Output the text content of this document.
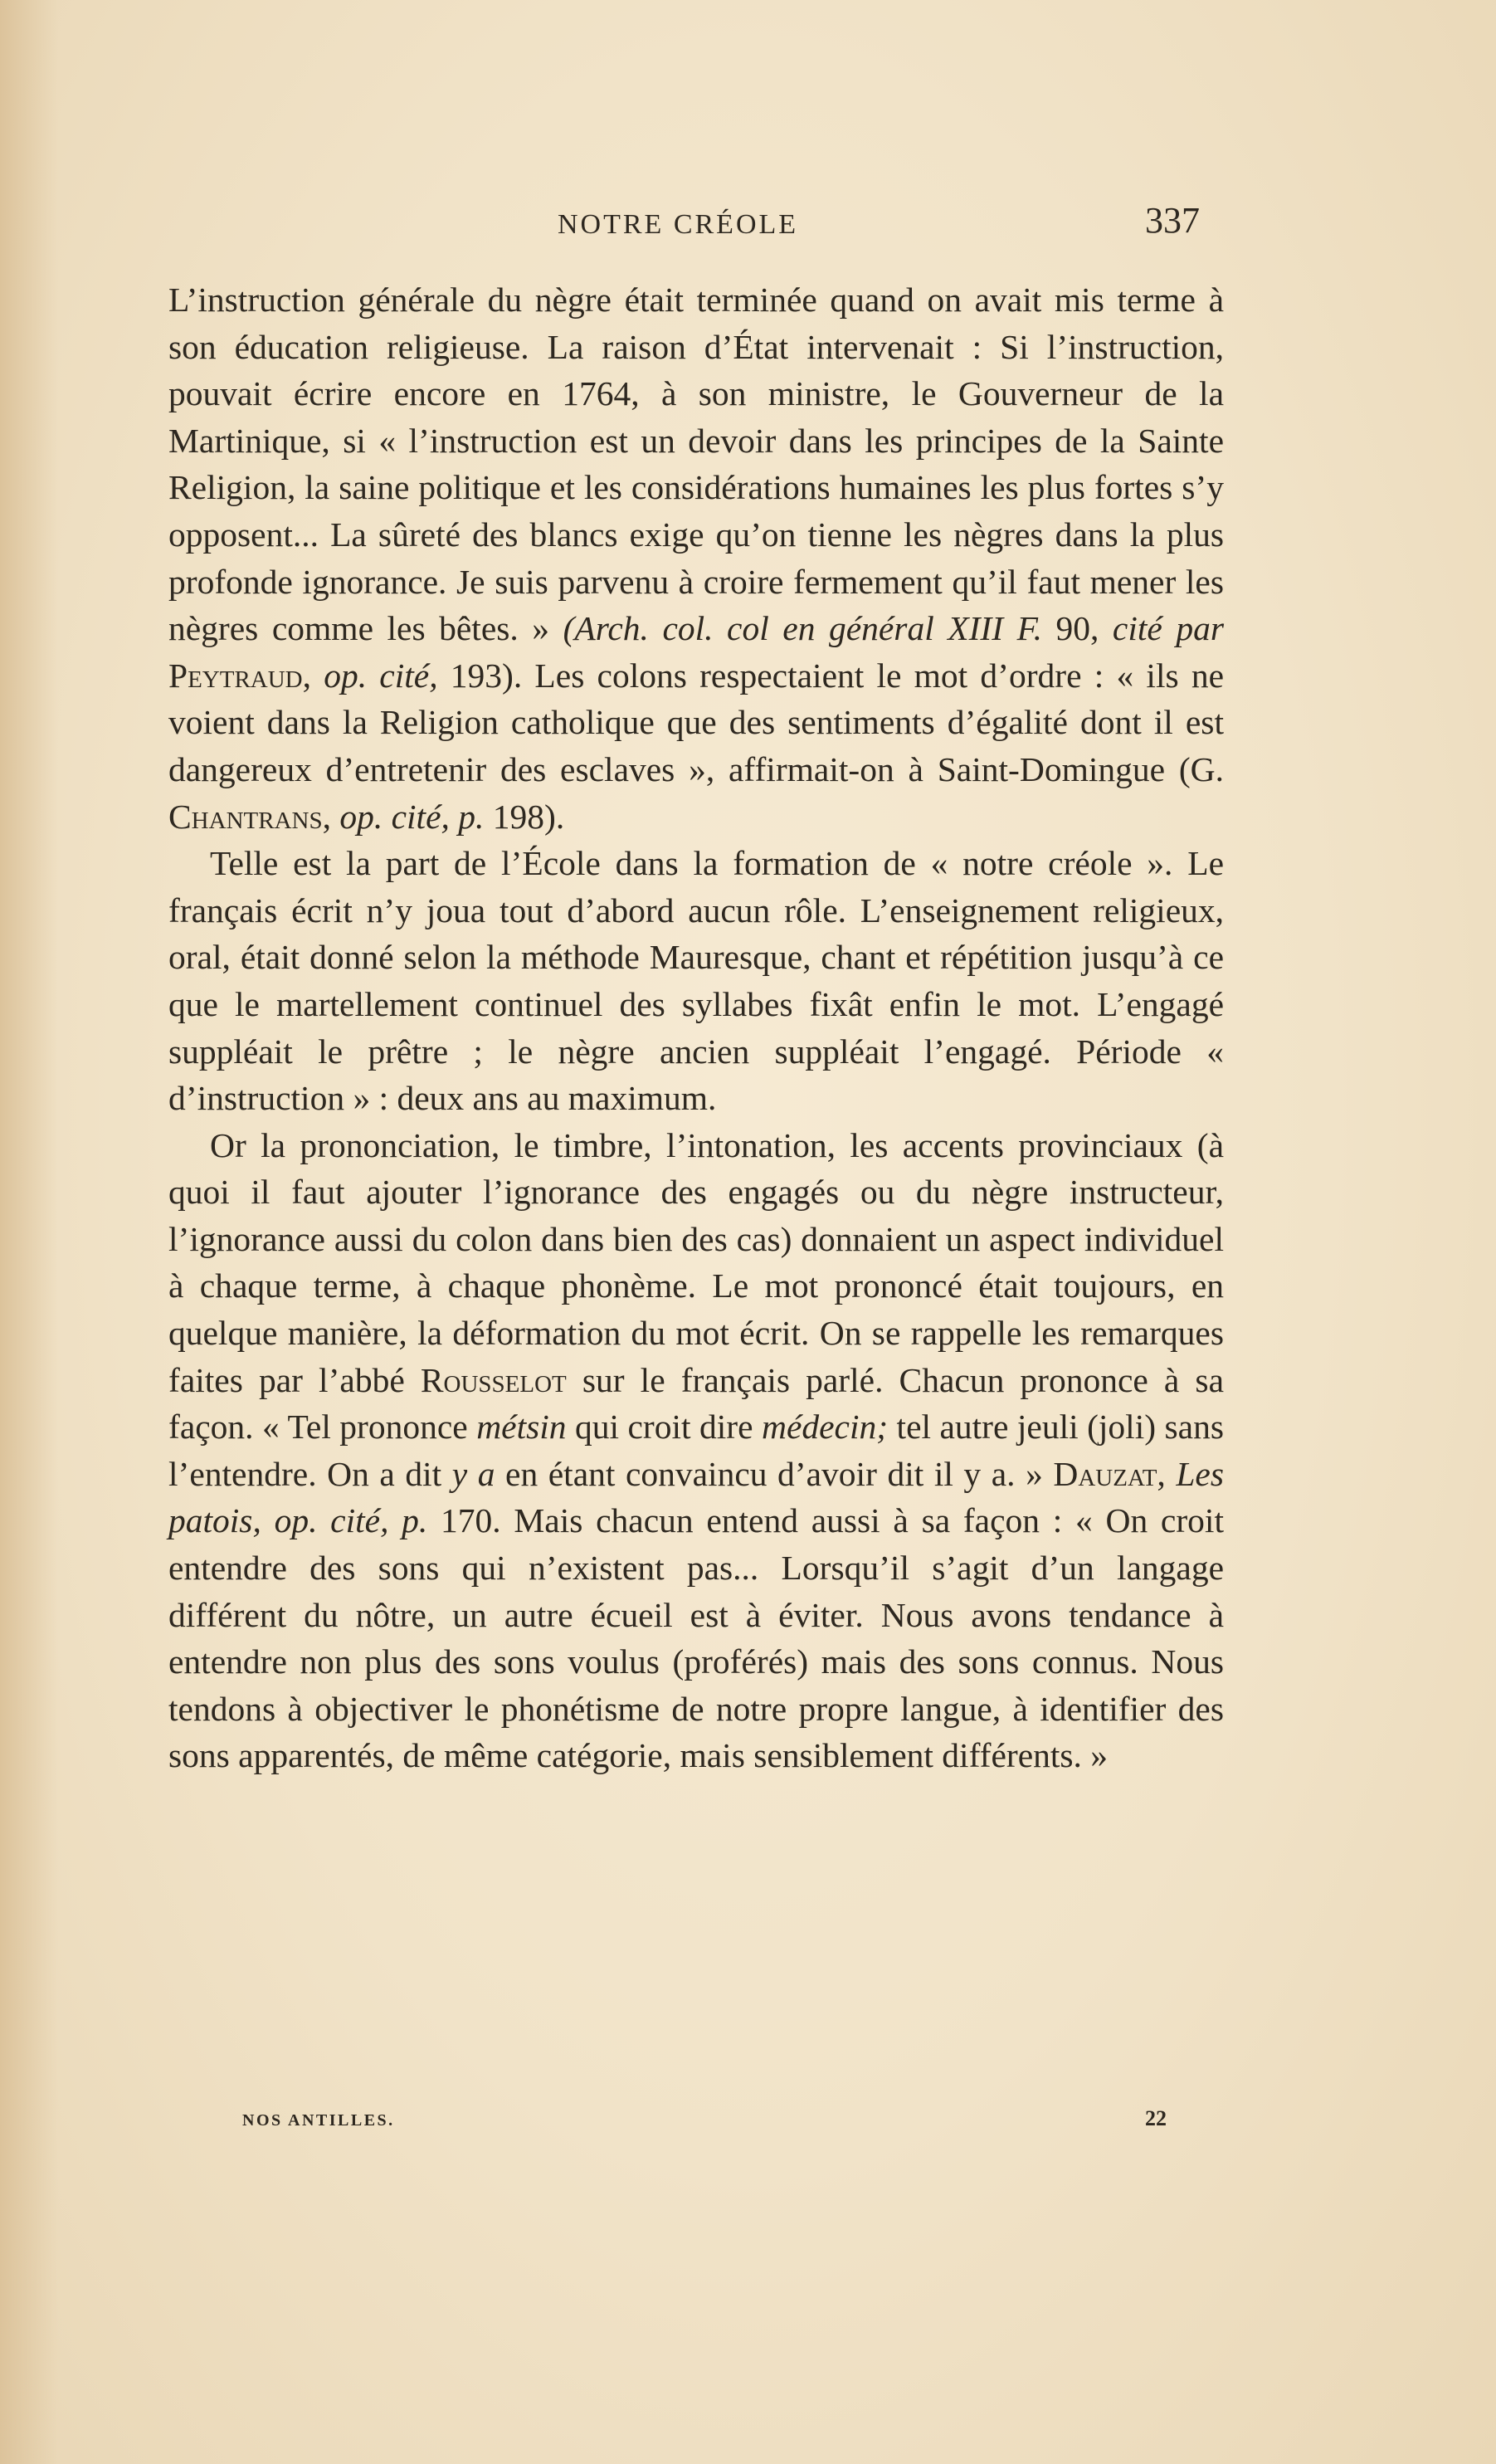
NOTRE CRÉOLE	337

L’instruction générale du nègre était terminée quand on avait mis terme à son éducation religieuse. La raison d’État intervenait : Si l’instruction, pouvait écrire encore en 1764, à son ministre, le Gouverneur de la Martinique, si « l’instruction est un devoir dans les principes de la Sainte Religion, la saine politique et les considérations humaines les plus fortes s’y opposent... La sûreté des blancs exige qu’on tienne les nègres dans la plus profonde ignorance. Je suis parvenu à croire fermement qu’il faut mener les nègres comme les bêtes. » (Arch. col. col en général XIII F. 90, cité par Peytraud, op. cité, 193). Les colons respectaient le mot d’ordre : « ils ne voient dans la Religion catholique que des sentiments d’égalité dont il est dangereux d’entretenir des esclaves », affirmait-on à Saint-Domingue (G. Chantrans, op. cité, p. 198).

Telle est la part de l’École dans la formation de « notre créole ». Le français écrit n’y joua tout d’abord aucun rôle. L’enseignement religieux, oral, était donné selon la méthode Mauresque, chant et répétition jusqu’à ce que le martellement continuel des syllabes fixât enfin le mot. L’engagé suppléait le prêtre ; le nègre ancien suppléait l’engagé. Période « d’instruction » : deux ans au maximum.

Or la prononciation, le timbre, l’intonation, les accents provinciaux (à quoi il faut ajouter l’ignorance des engagés ou du nègre instructeur, l’ignorance aussi du colon dans bien des cas) donnaient un aspect individuel à chaque terme, à chaque phonème. Le mot prononcé était toujours, en quelque manière, la déformation du mot écrit. On se rappelle les remarques faites par l’abbé Rousselot sur le français parlé. Chacun prononce à sa façon. « Tel prononce métsin qui croit dire médecin; tel autre jeuli (joli) sans l’entendre. On a dit y a en étant convaincu d’avoir dit il y a. » Dauzat, Les patois, op. cité, p. 170. Mais chacun entend aussi à sa façon : « On croit entendre des sons qui n’existent pas... Lorsqu’il s’agit d’un langage différent du nôtre, un autre écueil est à éviter. Nous avons tendance à entendre non plus des sons voulus (proférés) mais des sons connus. Nous tendons à objectiver le phonétisme de notre propre langue, à identifier des sons apparentés, de même catégorie, mais sensiblement différents. »

NOS ANTILLES.	22
